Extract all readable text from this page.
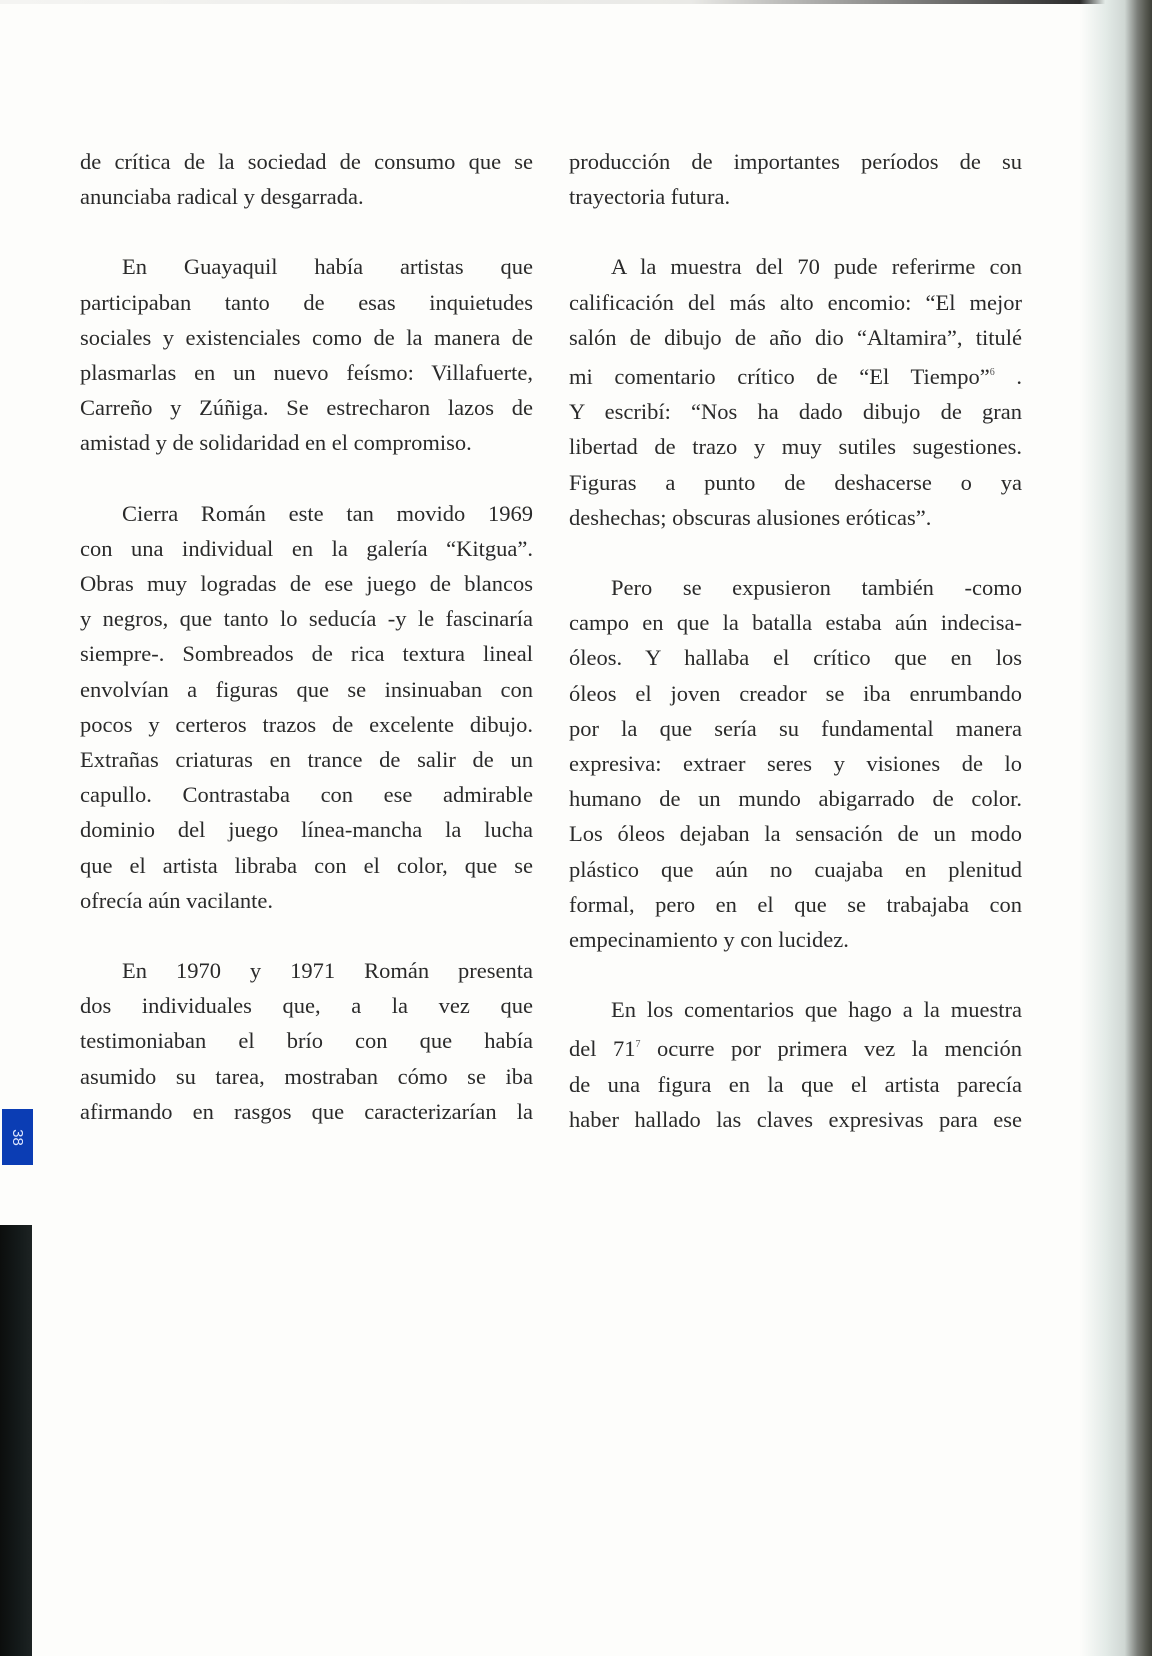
de crítica de la sociedad de consumo que se
anunciaba radical y desgarrada.

En Guayaquil había artistas que
participaban tanto de esas inquietudes
sociales y existenciales como de la manera de
plasmarlas en un nuevo feísmo: Villafuerte,
Carreño y Zúñiga. Se estrecharon lazos de
amistad y de solidaridad en el compromiso.

Cierra Román este tan movido 1969
con una individual en la galería “Kitgua”.
Obras muy logradas de ese juego de blancos
y negros, que tanto lo seducía -y le fascinaría
siempre-. Sombreados de rica textura lineal
envolvían a figuras que se insinuaban con
pocos y certeros trazos de excelente dibujo.
Extrañas criaturas en trance de salir de un
capullo. Contrastaba con ese admirable
dominio del juego línea-mancha la lucha
que el artista libraba con el color, que se
ofrecía aún vacilante.

En 1970 y 1971 Román presenta
dos individuales que, a la vez que
testimoniaban el brío con que había
asumido su tarea, mostraban cómo se iba
afirmando en rasgos que caracterizarían la

producción de importantes períodos de su
trayectoria futura.

A la muestra del 70 pude referirme con
calificación del más alto encomio: “El mejor
salón de dibujo de año dio “Altamira”, titulé
mi comentario crítico de “El Tiempo”$^6$ .
Y escribí: “Nos ha dado dibujo de gran
libertad de trazo y muy sutiles sugestiones.
Figuras a punto de deshacerse o ya
deshechas; obscuras alusiones eróticas”.

Pero se expusieron también -como
campo en que la batalla estaba aún indecisa-
óleos. Y hallaba el crítico que en los
óleos el joven creador se iba enrumbando
por la que sería su fundamental manera
expresiva: extraer seres y visiones de lo
humano de un mundo abigarrado de color.
Los óleos dejaban la sensación de un modo
plástico que aún no cuajaba en plenitud
formal, pero en el que se trabajaba con
empecinamiento y con lucidez.

En los comentarios que hago a la muestra
del $71^7$ ocurre por primera vez la mención
de una figura en la que el artista parecía
haber hallado las claves expresivas para ese

38
